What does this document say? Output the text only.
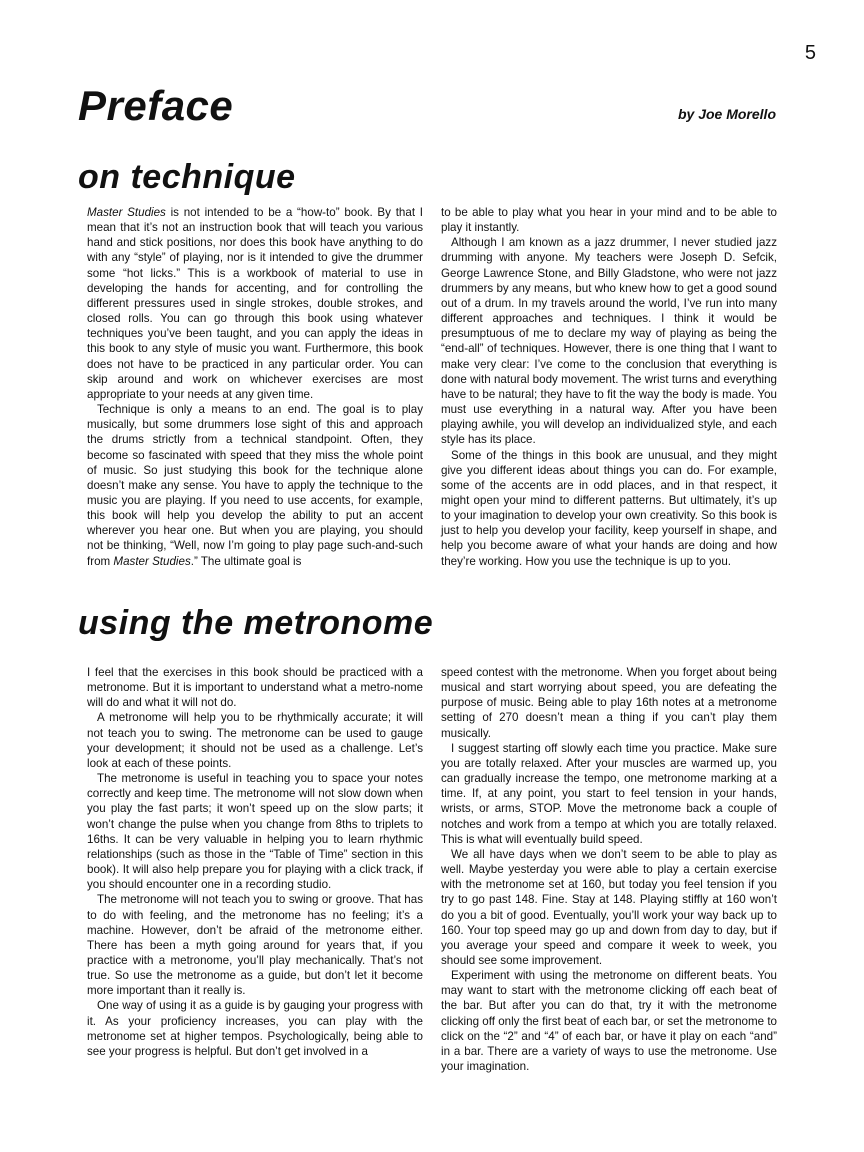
5
Preface	by Joe Morello
on technique

Master Studies is not intended to be a “how-to” book. By that I mean that it’s not an instruction book that will teach you various hand and stick positions, nor does this book have anything to do with any “style” of playing, nor is it intended to give the drummer some “hot licks.” This is a workbook of material to use in developing the hands for accenting, and for controlling the different pressures used in single strokes, double strokes, and closed rolls. You can go through this book using whatever techniques you’ve been taught, and you can apply the ideas in this book to any style of music you want. Furthermore, this book does not have to be practiced in any particular order. You can skip around and work on whichever exercises are most appropriate to your needs at any given time.

Technique is only a means to an end. The goal is to play musically, but some drummers lose sight of this and approach the drums strictly from a technical standpoint. Often, they become so fascinated with speed that they miss the whole point of music. So just studying this book for the technique alone doesn’t make any sense. You have to apply the technique to the music you are playing. If you need to use accents, for example, this book will help you develop the ability to put an accent wherever you hear one. But when you are playing, you should not be thinking, “Well, now I’m going to play page such-and-such from Master Studies.” The ultimate goal is

to be able to play what you hear in your mind and to be able to play it instantly.

Although I am known as a jazz drummer, I never studied jazz drumming with anyone. My teachers were Joseph D. Sefcik, George Lawrence Stone, and Billy Gladstone, who were not jazz drummers by any means, but who knew how to get a good sound out of a drum. In my travels around the world, I’ve run into many different approaches and techniques. I think it would be presumptuous of me to declare my way of playing as being the “end-all” of techniques. However, there is one thing that I want to make very clear: I’ve come to the conclusion that everything is done with natural body movement. The wrist turns and everything have to be natural; they have to fit the way the body is made. You must use everything in a natural way. After you have been playing awhile, you will develop an individualized style, and each style has its place.

Some of the things in this book are unusual, and they might give you different ideas about things you can do. For example, some of the accents are in odd places, and in that respect, it might open your mind to different patterns. But ultimately, it’s up to your imagination to develop your own creativity. So this book is just to help you develop your facility, keep yourself in shape, and help you become aware of what your hands are doing and how they’re working. How you use the technique is up to you.

using the metronome

I feel that the exercises in this book should be practiced with a metronome. But it is important to understand what a metro-nome will do and what it will not do.

A metronome will help you to be rhythmically accurate; it will not teach you to swing. The metronome can be used to gauge your development; it should not be used as a challenge. Let’s look at each of these points.

The metronome is useful in teaching you to space your notes correctly and keep time. The metronome will not slow down when you play the fast parts; it won’t speed up on the slow parts; it won’t change the pulse when you change from 8ths to triplets to 16ths. It can be very valuable in helping you to learn rhythmic relationships (such as those in the “Table of Time” section in this book). It will also help prepare you for playing with a click track, if you should encounter one in a recording studio.

The metronome will not teach you to swing or groove. That has to do with feeling, and the metronome has no feeling; it’s a machine. However, don’t be afraid of the metronome either. There has been a myth going around for years that, if you practice with a metronome, you’ll play mechanically. That’s not true. So use the metronome as a guide, but don’t let it become more important than it really is.

One way of using it as a guide is by gauging your progress with it. As your proficiency increases, you can play with the metronome set at higher tempos. Psychologically, being able to see your progress is helpful. But don’t get involved in a

speed contest with the metronome. When you forget about being musical and start worrying about speed, you are defeating the purpose of music. Being able to play 16th notes at a metronome setting of 270 doesn’t mean a thing if you can’t play them musically.

I suggest starting off slowly each time you practice. Make sure you are totally relaxed. After your muscles are warmed up, you can gradually increase the tempo, one metronome marking at a time. If, at any point, you start to feel tension in your hands, wrists, or arms, STOP. Move the metronome back a couple of notches and work from a tempo at which you are totally relaxed. This is what will eventually build speed.

We all have days when we don’t seem to be able to play as well. Maybe yesterday you were able to play a certain exercise with the metronome set at 160, but today you feel tension if you try to go past 148. Fine. Stay at 148. Playing stiffly at 160 won’t do you a bit of good. Eventually, you’ll work your way back up to 160. Your top speed may go up and down from day to day, but if you average your speed and compare it week to week, you should see some improvement.

Experiment with using the metronome on different beats. You may want to start with the metronome clicking off each beat of the bar. But after you can do that, try it with the metronome clicking off only the first beat of each bar, or set the metronome to click on the “2” and “4” of each bar, or have it play on each “and” in a bar. There are a variety of ways to use the metronome. Use your imagination.
